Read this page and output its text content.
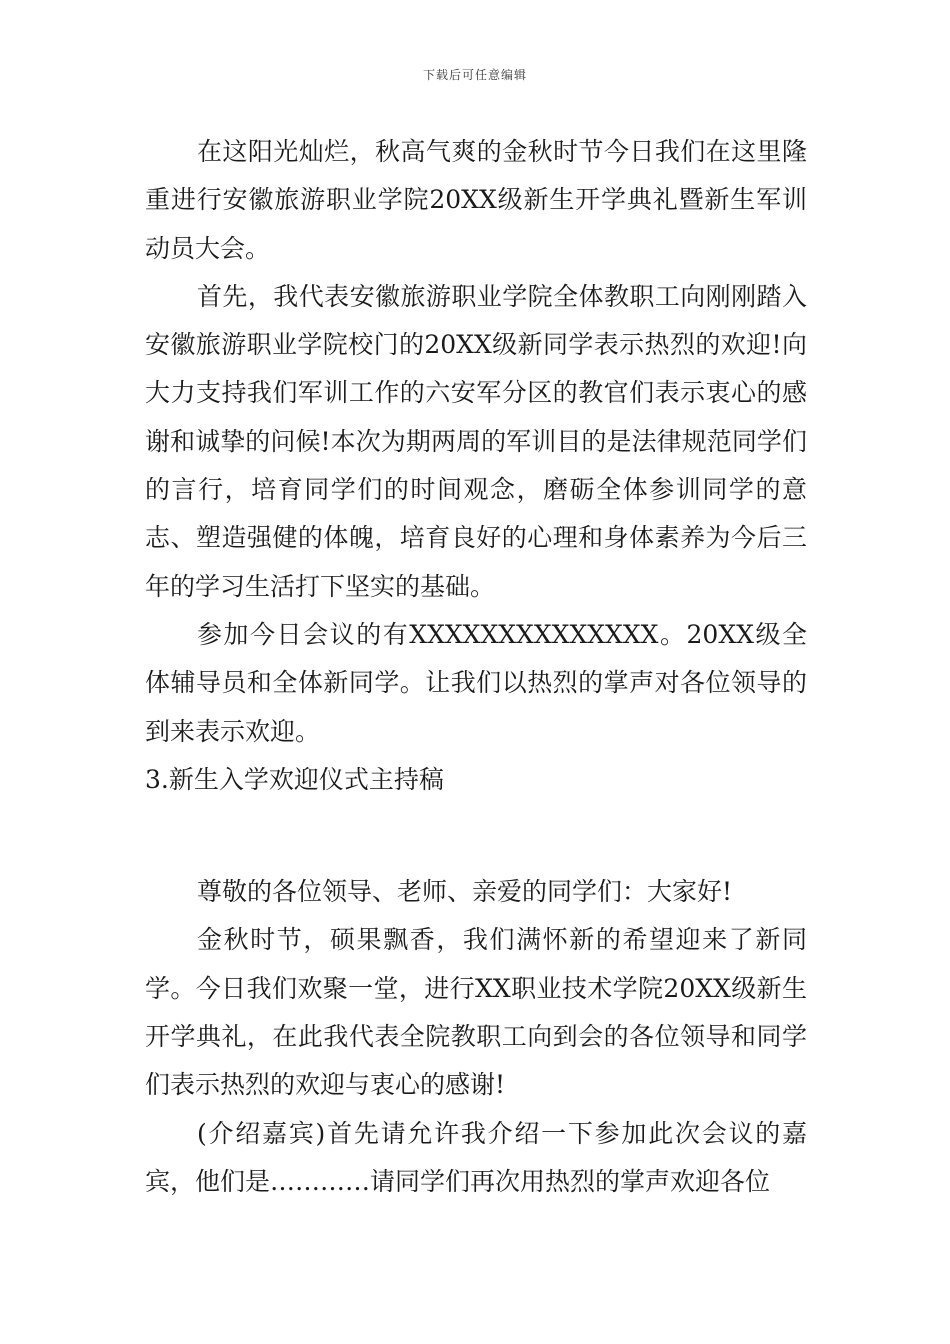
下载后可任意编辑

在这阳光灿烂，秋高气爽的金秋时节今日我们在这里隆重进行安徽旅游职业学院20XX级新生开学典礼暨新生军训动员大会。

首先，我代表安徽旅游职业学院全体教职工向刚刚踏入安徽旅游职业学院校门的20XX级新同学表示热烈的欢迎!向大力支持我们军训工作的六安军分区的教官们表示衷心的感谢和诚挚的问候!本次为期两周的军训目的是法律规范同学们的言行，培育同学们的时间观念，磨砺全体参训同学的意志、塑造强健的体魄，培育良好的心理和身体素养为今后三年的学习生活打下坚实的基础。

参加今日会议的有XXXXXXXXXXXXXX。20XX级全体辅导员和全体新同学。让我们以热烈的掌声对各位领导的到来表示欢迎。

3.新生入学欢迎仪式主持稿

尊敬的各位领导、老师、亲爱的同学们：大家好!

金秋时节，硕果飘香，我们满怀新的希望迎来了新同学。今日我们欢聚一堂，进行XX职业技术学院20XX级新生开学典礼，在此我代表全院教职工向到会的各位领导和同学们表示热烈的欢迎与衷心的感谢!

(介绍嘉宾)首先请允许我介绍一下参加此次会议的嘉宾，他们是…………请同学们再次用热烈的掌声欢迎各位
